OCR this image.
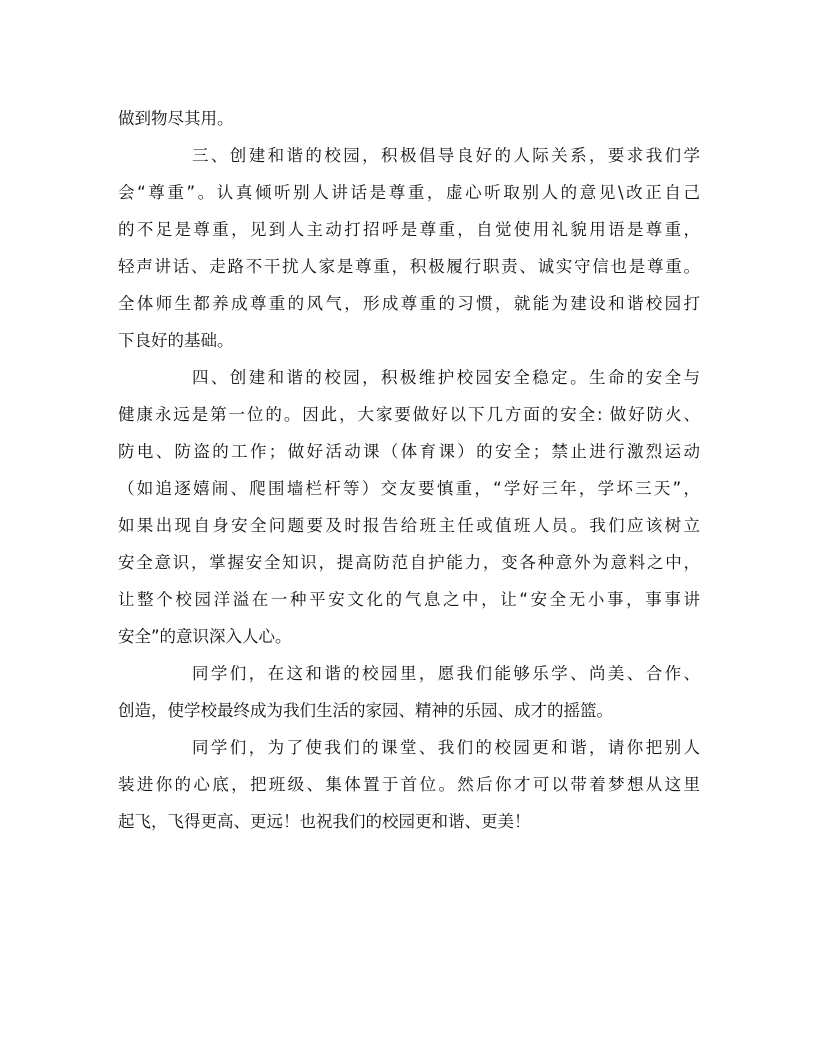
做到物尽其用。
三、创建和谐的校园，积极倡导良好的人际关系，要求我们学
会“尊重”。认真倾听别人讲话是尊重，虚心听取别人的意见\改正自己
的不足是尊重，见到人主动打招呼是尊重，自觉使用礼貌用语是尊重，
轻声讲话、走路不干扰人家是尊重，积极履行职责、诚实守信也是尊重。
全体师生都养成尊重的风气，形成尊重的习惯，就能为建设和谐校园打
下良好的基础。
四、创建和谐的校园，积极维护校园安全稳定。生命的安全与
健康永远是第一位的。因此，大家要做好以下几方面的安全: 做好防火、
防电、防盗的工作；做好活动课（体育课）的安全；禁止进行激烈运动
（如追逐嬉闹、爬围墙栏杆等）交友要慎重，“学好三年，学坏三天”，
如果出现自身安全问题要及时报告给班主任或值班人员。我们应该树立
安全意识，掌握安全知识，提高防范自护能力，变各种意外为意料之中，
让整个校园洋溢在一种平安文化的气息之中，让“安全无小事，事事讲
安全”的意识深入人心。
同学们，在这和谐的校园里，愿我们能够乐学、尚美、合作、
创造，使学校最终成为我们生活的家园、精神的乐园、成才的摇篮。
同学们，为了使我们的课堂、我们的校园更和谐，请你把别人
装进你的心底，把班级、集体置于首位。然后你才可以带着梦想从这里
起飞，飞得更高、更远！也祝我们的校园更和谐、更美！
